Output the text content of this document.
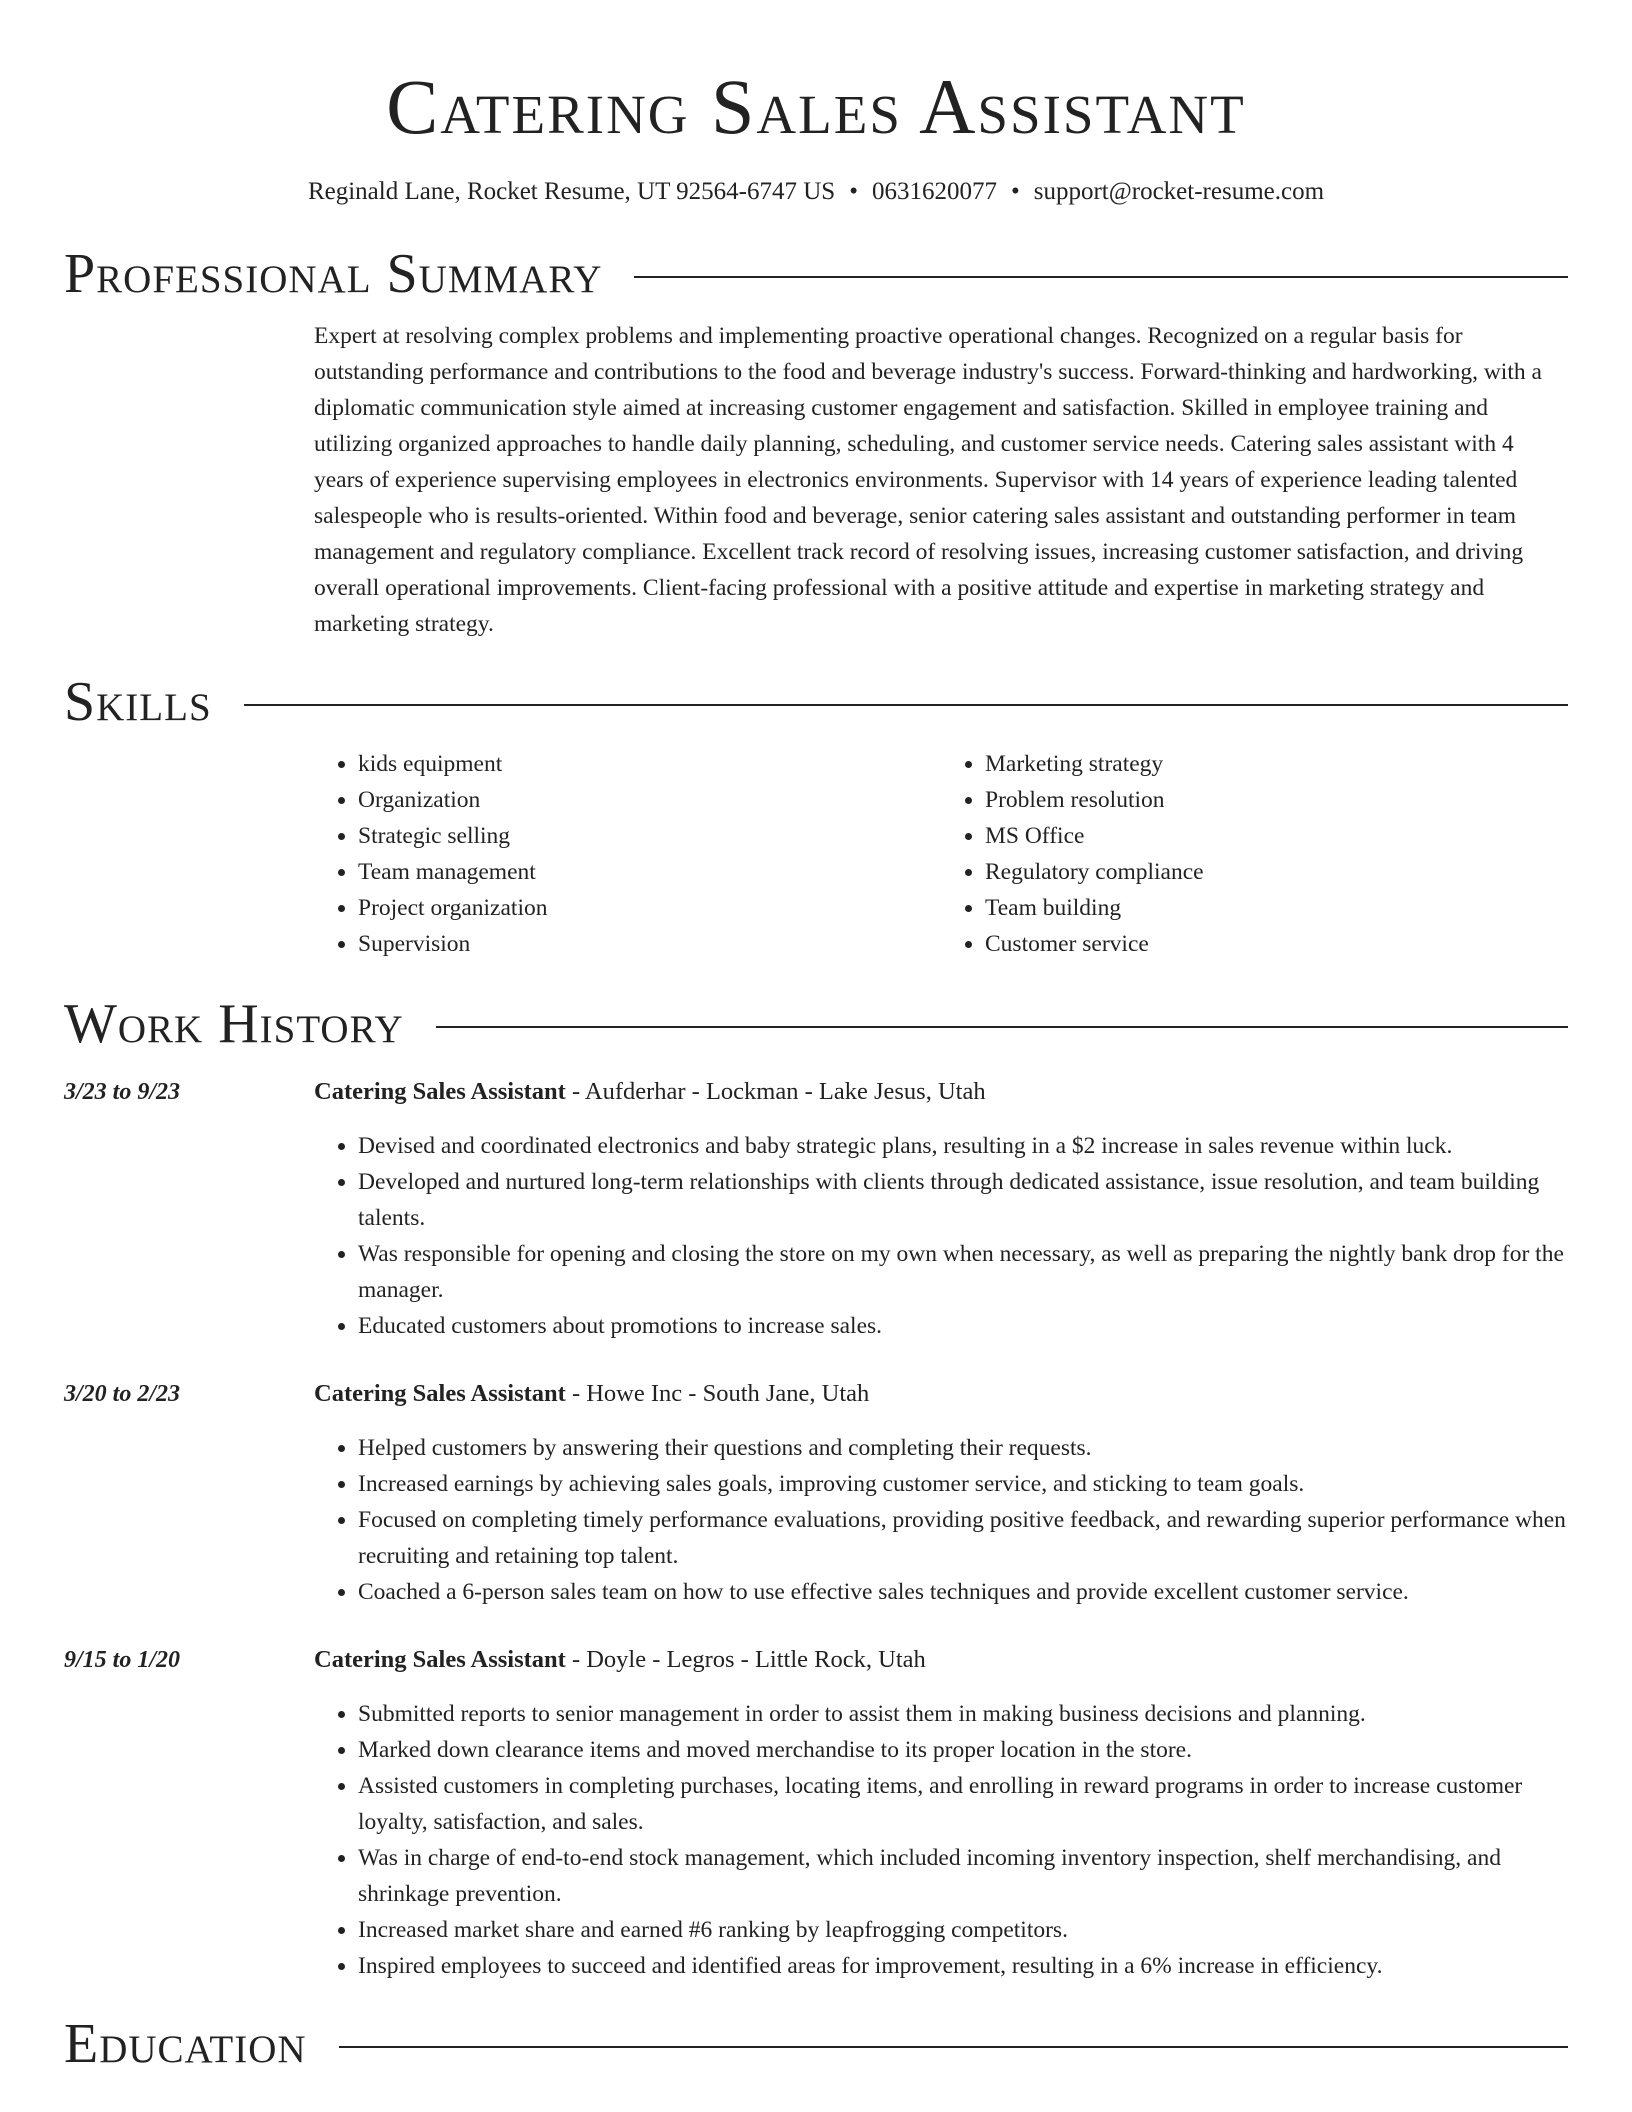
Catering Sales Assistant
Reginald Lane, Rocket Resume, UT 92564-6747 US • 0631620077 • support@rocket-resume.com
Professional Summary

Expert at resolving complex problems and implementing proactive operational changes. Recognized on a regular basis for outstanding performance and contributions to the food and beverage industry's success. Forward-thinking and hardworking, with a diplomatic communication style aimed at increasing customer engagement and satisfaction. Skilled in employee training and utilizing organized approaches to handle daily planning, scheduling, and customer service needs. Catering sales assistant with 4 years of experience supervising employees in electronics environments. Supervisor with 14 years of experience leading talented salespeople who is results-oriented. Within food and beverage, senior catering sales assistant and outstanding performer in team management and regulatory compliance. Excellent track record of resolving issues, increasing customer satisfaction, and driving overall operational improvements. Client-facing professional with a positive attitude and expertise in marketing strategy and marketing strategy.

Skills
• kids equipment
• Organization
• Strategic selling
• Team management
• Project organization
• Supervision
• Marketing strategy
• Problem resolution
• MS Office
• Regulatory compliance
• Team building
• Customer service
Work History
3/23 to 9/23	Catering Sales Assistant - Aufderhar - Lockman - Lake Jesus, Utah
• Devised and coordinated electronics and baby strategic plans, resulting in a $2 increase in sales revenue within luck.
• Developed and nurtured long-term relationships with clients through dedicated assistance, issue resolution, and team building talents.
• Was responsible for opening and closing the store on my own when necessary, as well as preparing the nightly bank drop for the manager.
• Educated customers about promotions to increase sales.
3/20 to 2/23	Catering Sales Assistant - Howe Inc - South Jane, Utah
• Helped customers by answering their questions and completing their requests.
• Increased earnings by achieving sales goals, improving customer service, and sticking to team goals.
• Focused on completing timely performance evaluations, providing positive feedback, and rewarding superior performance when recruiting and retaining top talent.
• Coached a 6-person sales team on how to use effective sales techniques and provide excellent customer service.
9/15 to 1/20	Catering Sales Assistant - Doyle - Legros - Little Rock, Utah
• Submitted reports to senior management in order to assist them in making business decisions and planning.
• Marked down clearance items and moved merchandise to its proper location in the store.
• Assisted customers in completing purchases, locating items, and enrolling in reward programs in order to increase customer loyalty, satisfaction, and sales.
• Was in charge of end-to-end stock management, which included incoming inventory inspection, shelf merchandising, and shrinkage prevention.
• Increased market share and earned #6 ranking by leapfrogging competitors.
• Inspired employees to succeed and identified areas for improvement, resulting in a 6% increase in efficiency.
Education
